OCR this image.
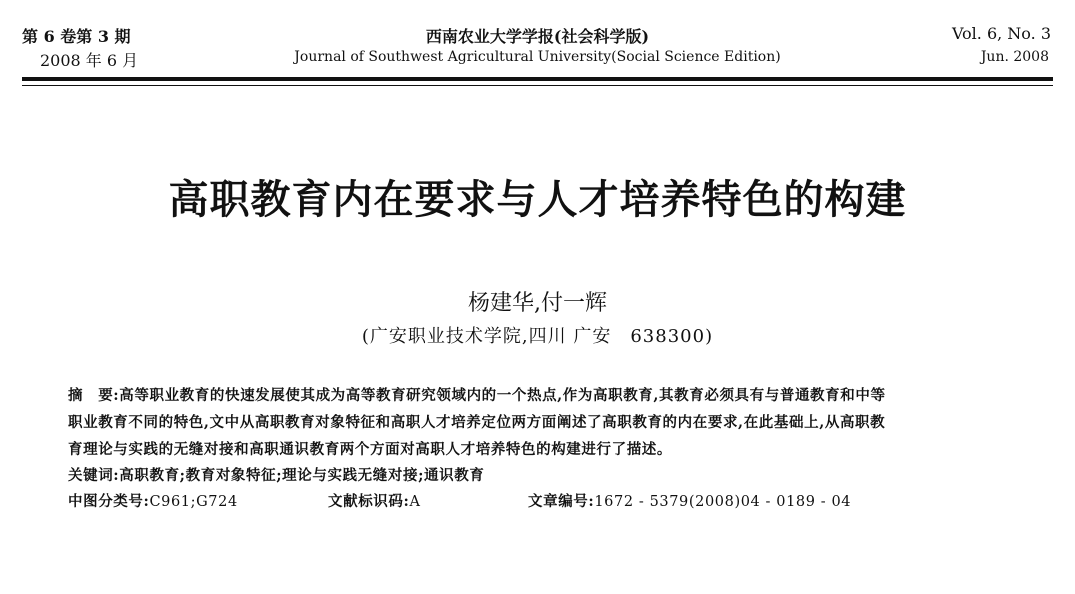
第 6 卷第 3 期
2008 年 6 月
西南农业大学学报(社会科学版)
Journal of Southwest Agricultural University(Social Science Edition)
Vol. 6, No. 3
Jun. 2008
高职教育内在要求与人才培养特色的构建
杨建华,付一辉
(广安职业技术学院,四川 广安　638300)
摘　要:高等职业教育的快速发展使其成为高等教育研究领域内的一个热点,作为高职教育,其教育必须具有与普通教育和中等
职业教育不同的特色,文中从高职教育对象特征和高职人才培养定位两方面阐述了高职教育的内在要求,在此基础上,从高职教
育理论与实践的无缝对接和高职通识教育两个方面对高职人才培养特色的构建进行了描述。
关键词:高职教育;教育对象特征;理论与实践无缝对接;通识教育
中图分类号:C961;G724	文献标识码:A	文章编号:1672 - 5379(2008)04 - 0189 - 04
